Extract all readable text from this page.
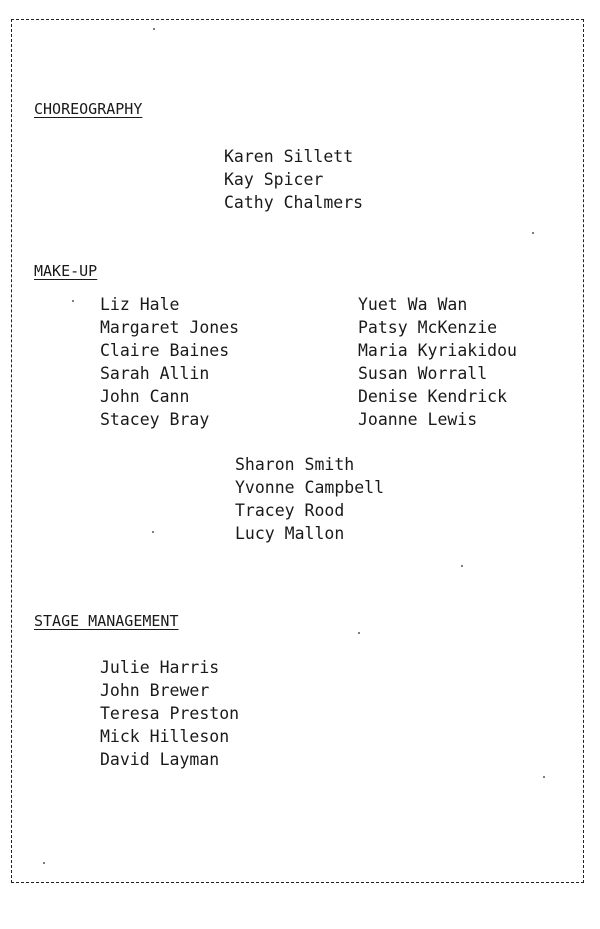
CHOREOGRAPHY
Karen Sillett
Kay Spicer
Cathy Chalmers
MAKE-UP
Liz Hale
Margaret Jones
Claire Baines
Sarah Allin
John Cann
Stacey Bray
Yuet Wa Wan
Patsy McKenzie
Maria Kyriakidou
Susan Worrall
Denise Kendrick
Joanne Lewis
Sharon Smith
Yvonne Campbell
Tracey Rood
Lucy Mallon
STAGE MANAGEMENT
Julie Harris
John Brewer
Teresa Preston
Mick Hilleson
David Layman
